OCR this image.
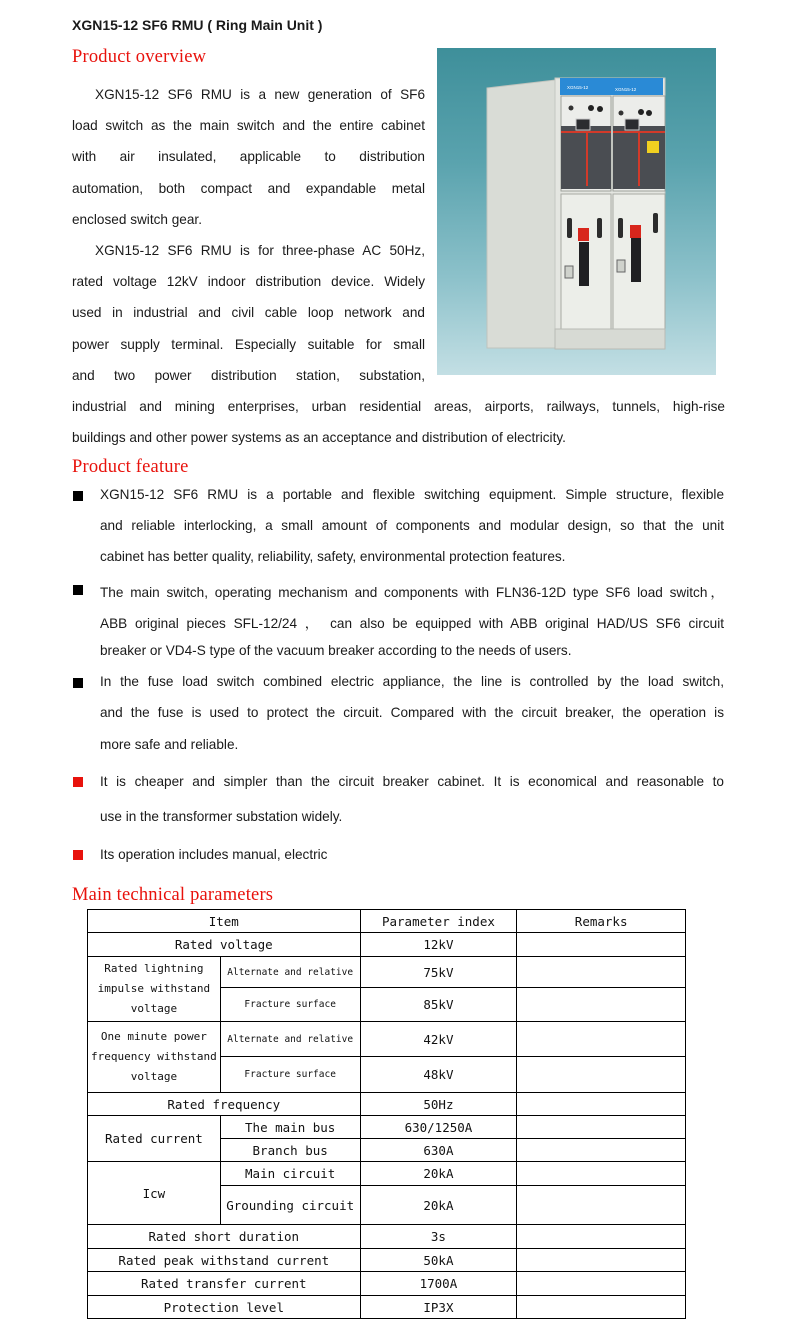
XGN15-12 SF6 RMU ( Ring Main Unit )
Product overview
XGN15-12 SF6 RMU is a new generation of SF6
load switch as the main switch and the entire cabinet
with air insulated, applicable to distribution
automation, both compact and expandable metal
enclosed switch gear.
XGN15-12 SF6 RMU is for three-phase AC 50Hz,
rated voltage 12kV indoor distribution device. Widely
used in industrial and civil cable loop network and
power supply terminal. Especially suitable for small
and two power distribution station, substation,
industrial and mining enterprises, urban residential areas, airports, railways, tunnels, high-rise
buildings and other power systems as an acceptance and distribution of electricity.
XGN15-12	XGN15-12
Product feature
XGN15-12 SF6 RMU is a portable and flexible switching equipment. Simple structure, flexible
and reliable interlocking, a small amount of components and modular design, so that the unit
cabinet has better quality, reliability, safety, environmental protection features.
The main switch, operating mechanism and components with FLN36-12D type SF6 load switch，
ABB original pieces SFL-12/24 ， can also be equipped with ABB original HAD/US SF6 circuit
breaker or VD4-S type of the vacuum breaker according to the needs of users.
In the fuse load switch combined electric appliance, the line is controlled by the load switch,
and the fuse is used to protect the circuit. Compared with the circuit breaker, the operation is
more safe and reliable.
It is cheaper and simpler than the circuit breaker cabinet. It is economical and reasonable to
use in the transformer substation widely.
Its operation includes manual, electric
Main technical parameters
Item		Parameter index	Remarks
Rated voltage		12kV	

Rated lightning
impulse withstand
voltage	Alternate and relative	75kV	
	Fracture surface	85kV	

One minute power
frequency withstand
voltage	Alternate and relative	42kV	
	Fracture surface	48kV	
Rated frequency		50Hz	
Rated current	The main bus	630/1250A	
	Branch bus	630A	
Icw	Main circuit	20kA	
	Grounding circuit	20kA	
Rated short duration		3s	
Rated peak withstand current		50kA	
Rated transfer current		1700A	
Protection level		IP3X	
